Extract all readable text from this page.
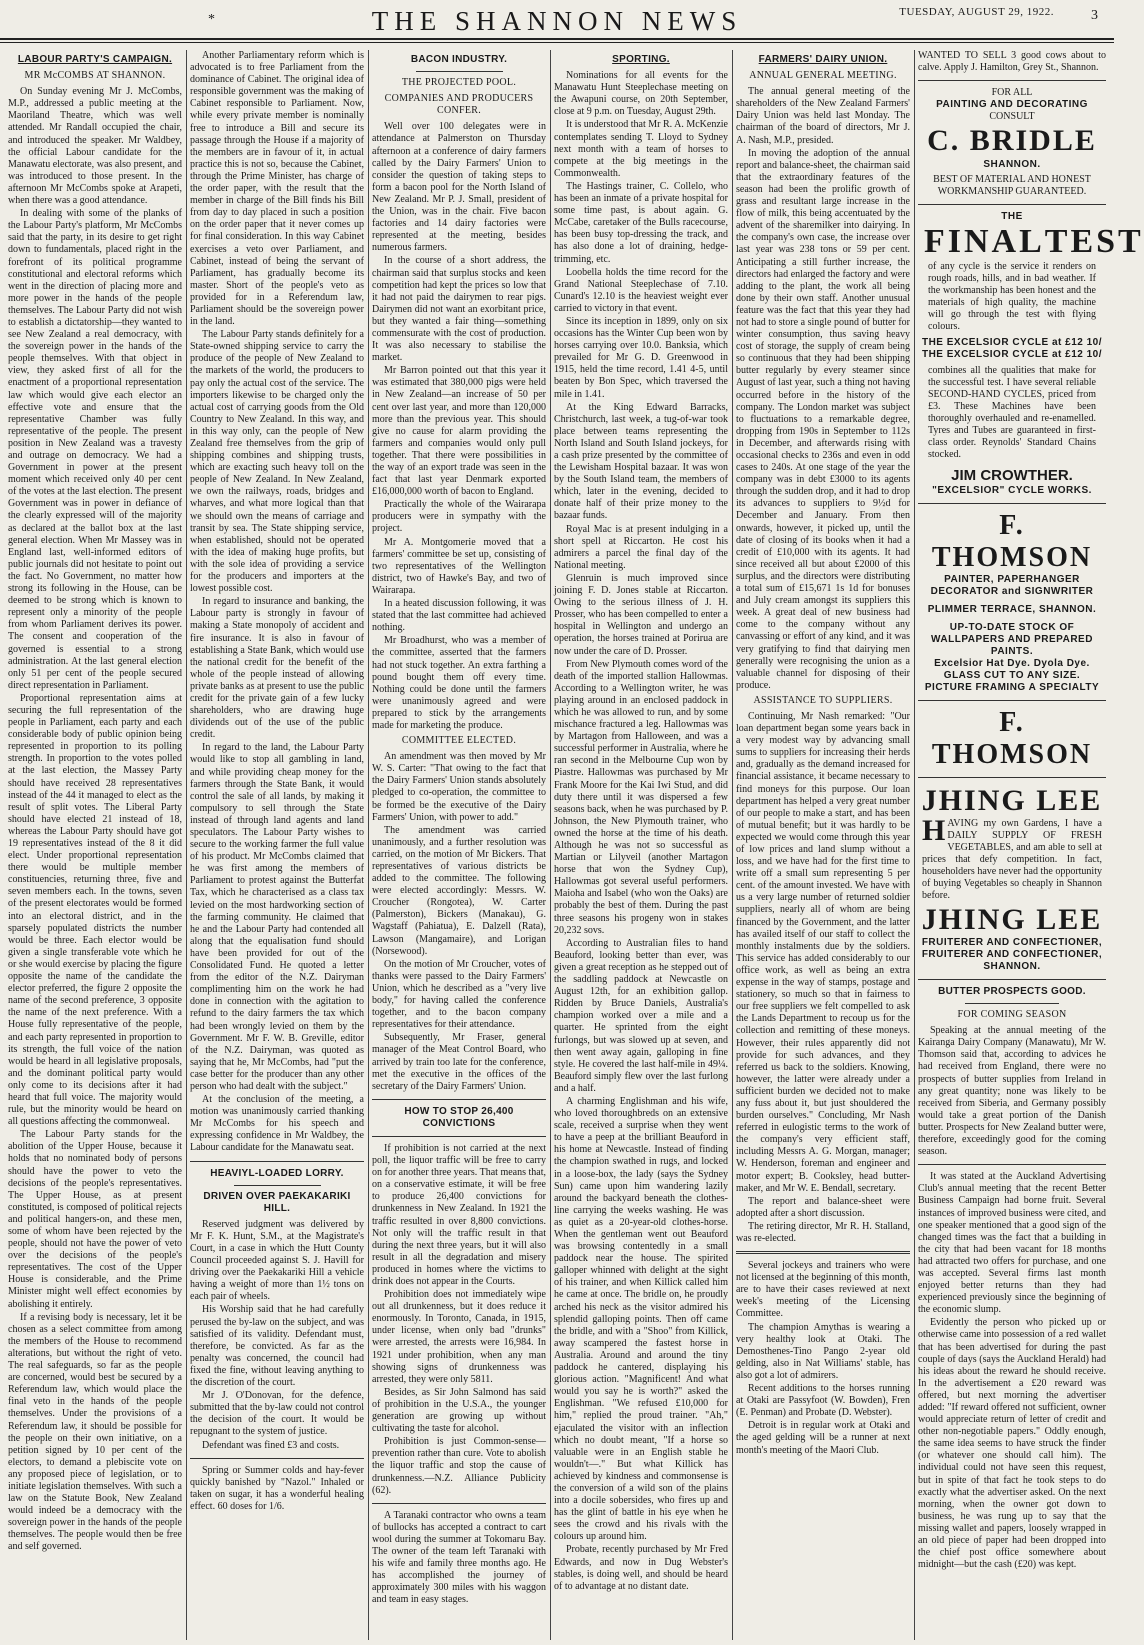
*	THE SHANNON NEWS	TUESDAY, AUGUST 29, 1922.	3
LABOUR PARTY'S CAMPAIGN.
MR McCOMBS AT SHANNON.

On Sunday evening Mr J. McCombs, M.P., addressed a public meeting at the Maoriland Theatre, which was well attended. Mr Randall occupied the chair, and introduced the speaker. Mr Waldbey, the official Labour candidate for the Manawatu electorate, was also present, and was introduced to those present. In the afternoon Mr McCombs spoke at Arapeti, when there was a good attendance.

In dealing with some of the planks of the Labour Party's platform, Mr McCombs said that the party, in its desire to get right down to fundamentals, placed right in the forefront of its political programme constitutional and electoral reforms which went in the direction of placing more and more power in the hands of the people themselves. The Labour Party did not wish to establish a dictatorship—they wanted to see New Zealand a real democracy, with the sovereign power in the hands of the people themselves. With that object in view, they asked first of all for the enactment of a proportional representation law which would give each elector an effective vote and ensure that the representative Chamber was fully representative of the people. The present position in New Zealand was a travesty and outrage on democracy. We had a Government in power at the present moment which received only 40 per cent of the votes at the last election. The present Government was in power in defiance of the clearly expressed will of the majority as declared at the ballot box at the last general election. When Mr Massey was in England last, well-informed editors of public journals did not hesitate to point out the fact. No Government, no matter how strong its following in the House, can be deemed to be strong which is known to represent only a minority of the people from whom Parliament derives its power. The consent and cooperation of the governed is essential to a strong administration. At the last general election only 51 per cent of the people secured direct representation in Parliament.

Proportional representation aims at securing the full representation of the people in Parliament, each party and each considerable body of public opinion being represented in proportion to its polling strength. In proportion to the votes polled at the last election, the Massey Party should have received 28 representatives instead of the 44 it managed to elect as the result of split votes. The Liberal Party should have elected 21 instead of 18, whereas the Labour Party should have got 19 representatives instead of the 8 it did elect. Under proportional representation there would be multiple member constituencies, returning three, five and seven members each. In the towns, seven of the present electorates would be formed into an electoral district, and in the sparsely populated districts the number would be three. Each elector would be given a single transferable vote which he or she would exercise by placing the figure opposite the name of the candidate the elector preferred, the figure 2 opposite the name of the second preference, 3 opposite the name of the next preference. With a House fully representative of the people, and each party represented in proportion to its strength, the full voice of the nation would be heard in all legislative proposals, and the dominant political party would only come to its decisions after it had heard that full voice. The majority would rule, but the minority would be heard on all questions affecting the commonweal.

The Labour Party stands for the abolition of the Upper House, because it holds that no nominated body of persons should have the power to veto the decisions of the people's representatives. The Upper House, as at present constituted, is composed of political rejects and political hangers-on, and these men, some of whom have been rejected by the people, should not have the power of veto over the decisions of the people's representatives. The cost of the Upper House is considerable, and the Prime Minister might well effect economies by abolishing it entirely.

If a revising body is necessary, let it be chosen as a select committee from among the members of the House to recommend alterations, but without the right of veto. The real safeguards, so far as the people are concerned, would best be secured by a Referendum law, which would place the final veto in the hands of the people themselves. Under the provisions of a Referendum law, it should be possible for the people on their own initiative, on a petition signed by 10 per cent of the electors, to demand a plebiscite vote on any proposed piece of legislation, or to initiate legislation themselves. With such a law on the Statute Book, New Zealand would indeed be a democracy with the sovereign power in the hands of the people themselves. The people would then be free and self governed.

Another Parliamentary reform which is advocated is to free Parliament from the dominance of Cabinet. The original idea of responsible government was the making of Cabinet responsible to Parliament. Now, while every private member is nominally free to introduce a Bill and secure its passage through the House if a majority of the members are in favour of it, in actual practice this is not so, because the Cabinet, through the Prime Minister, has charge of the order paper, with the result that the member in charge of the Bill finds his Bill from day to day placed in such a position on the order paper that it never comes up for final consideration. In this way Cabinet exercises a veto over Parliament, and Cabinet, instead of being the servant of Parliament, has gradually become its master. Short of the people's veto as provided for in a Referendum law, Parliament should be the sovereign power in the land.

The Labour Party stands definitely for a State-owned shipping service to carry the produce of the people of New Zealand to the markets of the world, the producers to pay only the actual cost of the service. The importers likewise to be charged only the actual cost of carrying goods from the Old Country to New Zealand. In this way, and in this way only, can the people of New Zealand free themselves from the grip of shipping combines and shipping trusts, which are exacting such heavy toll on the people of New Zealand. In New Zealand, we own the railways, roads, bridges and wharves, and what more logical than that we should own the means of carriage and transit by sea. The State shipping service, when established, should not be operated with the idea of making huge profits, but with the sole idea of providing a service for the producers and importers at the lowest possible cost.

In regard to insurance and banking, the Labour party is strongly in favour of making a State monopoly of accident and fire insurance. It is also in favour of establishing a State Bank, which would use the national credit for the benefit of the whole of the people instead of allowing private banks as at present to use the public credit for the private gain of a few lucky shareholders, who are drawing huge dividends out of the use of the public credit.

In regard to the land, the Labour Party would like to stop all gambling in land, and while providing cheap money for the farmers through the State Bank, it would control the sale of all lands, by making it compulsory to sell through the State instead of through land agents and land speculators. The Labour Party wishes to secure to the working farmer the full value of his product. Mr McCombs claimed that he was first among the members of Parliament to protest against the Butterfat Tax, which he characterised as a class tax levied on the most hardworking section of the farming community. He claimed that he and the Labour Party had contended all along that the equalisation fund should have been provided for out of the Consolidated Fund. He quoted a letter from the editor of the N.Z. Dairyman complimenting him on the work he had done in connection with the agitation to refund to the dairy farmers the tax which had been wrongly levied on them by the Government. Mr F. W. B. Greville, editor of the N.Z. Dairyman, was quoted as saying that he, Mr McCombs, had "put the case better for the producer than any other person who had dealt with the subject."

At the conclusion of the meeting, a motion was unanimously carried thanking Mr McCombs for his speech and expressing confidence in Mr Waldbey, the Labour candidate for the Manawatu seat.

HEAVIYL-LOADED LORRY.
DRIVEN OVER PAEKAKARIKI HILL.

Reserved judgment was delivered by Mr F. K. Hunt, S.M., at the Magistrate's Court, in a case in which the Hutt County Council proceeded against S. J. Havill for driving over the Paekakariki Hill a vehicle having a weight of more than 1½ tons on each pair of wheels.

His Worship said that he had carefully perused the by-law on the subject, and was satisfied of its validity. Defendant must, therefore, be convicted. As far as the penalty was concerned, the council had fixed the fine, without leaving anything to the discretion of the court.

Mr J. O'Donovan, for the defence, submitted that the by-law could not control the decision of the court. It would be repugnant to the system of justice.

Defendant was fined £3 and costs.

Spring or Summer colds and hay-fever quickly banished by "Nazol." Inhaled or taken on sugar, it has a wonderful healing effect. 60 doses for 1/6.

BACON INDUSTRY.
THE PROJECTED POOL.
COMPANIES AND PRODUCERS CONFER.

Well over 100 delegates were in attendance at Palmerston on Thursday afternoon at a conference of dairy farmers called by the Dairy Farmers' Union to consider the question of taking steps to form a bacon pool for the North Island of New Zealand. Mr P. J. Small, president of the Union, was in the chair. Five bacon factories and 14 dairy factories were represented at the meeting, besides numerous farmers.

In the course of a short address, the chairman said that surplus stocks and keen competition had kept the prices so low that it had not paid the dairymen to rear pigs. Dairymen did not want an exorbitant price, but they wanted a fair thing—something commensurate with the cost of production. It was also necessary to stabilise the market.

Mr Barron pointed out that this year it was estimated that 380,000 pigs were held in New Zealand—an increase of 50 per cent over last year, and more than 120,000 more than the previous year. This should give no cause for alarm providing the farmers and companies would only pull together. That there were possibilities in the way of an export trade was seen in the fact that last year Denmark exported £16,000,000 worth of bacon to England.

Practically the whole of the Wairarapa producers were in sympathy with the project.

Mr A. Montgomerie moved that a farmers' committee be set up, consisting of two representatives of the Wellington district, two of Hawke's Bay, and two of Wairarapa.

In a heated discussion following, it was stated that the last committee had achieved nothing.

Mr Broadhurst, who was a member of the committee, asserted that the farmers had not stuck together. An extra farthing a pound bought them off every time. Nothing could be done until the farmers were unanimously agreed and were prepared to stick by the arrangements made for marketing the produce.

COMMITTEE ELECTED.

An amendment was then moved by Mr W. S. Carter: "That owing to the fact that the Dairy Farmers' Union stands absolutely pledged to co-operation, the committee to be formed be the executive of the Dairy Farmers' Union, with power to add."

The amendment was carried unanimously, and a further resolution was carried, on the motion of Mr Bickers. That representatives of various districts be added to the committee. The following were elected accordingly: Messrs. W. Croucher (Rongotea), W. Carter (Palmerston), Bickers (Manakau), G. Wagstaff (Pahiatua), E. Dalzell (Rata), Lawson (Mangamaire), and Lorigan (Norsewood).

On the motion of Mr Croucher, votes of thanks were passed to the Dairy Farmers' Union, which he described as a "very live body," for having called the conference together, and to the bacon company representatives for their attendance.

Subsequently, Mr Fraser, general manager of the Meat Control Board, who arrived by train too late for the conference, met the executive in the offices of the secretary of the Dairy Farmers' Union.

HOW TO STOP 26,400 CONVICTIONS

If prohibition is not carried at the next poll, the liquor traffic will be free to carry on for another three years. That means that, on a conservative estimate, it will be free to produce 26,400 convictions for drunkenness in New Zealand. In 1921 the traffic resulted in over 8,800 convictions. Not only will the traffic result in that during the next three years, but it will also result in all the degradation and misery produced in homes where the victims to drink does not appear in the Courts.

Prohibition does not immediately wipe out all drunkenness, but it does reduce it enormously. In Toronto, Canada, in 1915, under license, when only bad "drunks" were arrested, the arrests were 16,984. In 1921 under prohibition, when any man showing signs of drunkenness was arrested, they were only 5811.

Besides, as Sir John Salmond has said of prohibition in the U.S.A., the younger generation are growing up without cultivating the taste for alcohol.

Prohibition is just Common-sense—prevention rather than cure. Vote to abolish the liquor traffic and stop the cause of drunkenness.—N.Z. Alliance Publicity (62).

A Taranaki contractor who owns a team of bullocks has accepted a contract to cart wool during the summer at Tokomaru Bay. The owner of the team left Taranaki with his wife and family three months ago. He has accomplished the journey of approximately 300 miles with his waggon and team in easy stages.

SPORTING.

Nominations for all events for the Manawatu Hunt Steeplechase meeting on the Awapuni course, on 20th September, close at 9 p.m. on Tuesday, August 29th.

It is understood that Mr R. A. McKenzie contemplates sending T. Lloyd to Sydney next month with a team of horses to compete at the big meetings in the Commonwealth.

The Hastings trainer, C. Collelo, who has been an inmate of a private hospital for some time past, is about again. G. McCabe, caretaker of the Bulls racecourse, has been busy top-dressing the track, and has also done a lot of draining, hedge-trimming, etc.

Loobella holds the time record for the Grand National Steeplechase of 7.10. Cunard's 12.10 is the heaviest weight ever carried to victory in that event.

Since its inception in 1899, only on six occasions has the Winter Cup been won by horses carrying over 10.0. Banksia, which prevailed for Mr G. D. Greenwood in 1915, held the time record, 1.41 4-5, until beaten by Bon Spec, which traversed the mile in 1.41.

At the King Edward Barracks, Christchurch, last week, a tug-of-war took place between teams representing the North Island and South Island jockeys, for a cash prize presented by the committee of the Lewisham Hospital bazaar. It was won by the South Island team, the members of which, later in the evening, decided to donate half of their prize money to the bazaar funds.

Royal Mac is at present indulging in a short spell at Riccarton. He cost his admirers a parcel the final day of the National meeting.

Glenruin is much improved since joining F. D. Jones stable at Riccarton. Owing to the serious illness of J. H. Prosser, who has been compelled to enter a hospital in Wellington and undergo an operation, the horses trained at Porirua are now under the care of D. Prosser.

From New Plymouth comes word of the death of the imported stallion Hallowmas. According to a Wellington writer, he was playing around in an enclosed paddock in which he was allowed to run, and by some mischance fractured a leg. Hallowmas was by Martagon from Halloween, and was a successful performer in Australia, where he ran second in the Melbourne Cup won by Piastre. Hallowmas was purchased by Mr Frank Moore for the Kai Iwi Stud, and did duty there until it was dispersed a few seasons back, when he was purchased by P. Johnson, the New Plymouth trainer, who owned the horse at the time of his death. Although he was not so successful as Martian or Lilyveil (another Martagon horse that won the Sydney Cup), Hallowmas got several useful performers. Maioha and Isabel (who won the Oaks) are probably the best of them. During the past three seasons his progeny won in stakes 20,232 sovs.

According to Australian files to hand Beauford, looking better than ever, was given a great reception as he stepped out of the saddling paddock at Newcastle on August 12th, for an exhibition gallop. Ridden by Bruce Daniels, Australia's champion worked over a mile and a quarter. He sprinted from the eight furlongs, but was slowed up at seven, and then went away again, galloping in fine style. He covered the last half-mile in 49¼. Beauford simply flew over the last furlong and a half.

A charming Englishman and his wife, who loved thoroughbreds on an extensive scale, received a surprise when they went to have a peep at the brilliant Beauford in his home at Newcastle. Instead of finding the champion swathed in rugs, and locked in a loose-box, the lady (says the Sydney Sun) came upon him wandering lazily around the backyard beneath the clothes-line carrying the weeks washing. He was as quiet as a 20-year-old clothes-horse. When the gentleman went out Beauford was browsing contentedly in a small paddock near the house. The spirited galloper whinned with delight at the sight of his trainer, and when Killick called him he came at once. The bridle on, he proudly arched his neck as the visitor admired his splendid galloping points. Then off came the bridle, and with a "Shoo" from Killick, away scampered the fastest horse in Australia. Around and around the tiny paddock he cantered, displaying his glorious action. "Magnificent! And what would you say he is worth?" asked the Englishman. "We refused £10,000 for him," replied the proud trainer. "Ah," ejaculated the visitor with an inflection which no doubt meant, "If a horse so valuable were in an English stable he wouldn't—." But what Killick has achieved by kindness and commonsense is the conversion of a wild son of the plains into a docile sobersides, who fires up and has the glint of battle in his eye when he sees the crowd and his rivals with the colours up around him.

Probate, recently purchased by Mr Fred Edwards, and now in Dug Webster's stables, is doing well, and should be heard of to advantage at no distant date.

FARMERS' DAIRY UNION.
ANNUAL GENERAL MEETING.

The annual general meeting of the shareholders of the New Zealand Farmers' Dairy Union was held last Monday. The chairman of the board of directors, Mr J. A. Nash, M.P., presided.

In moving the adoption of the annual report and balance-sheet, the chairman said that the extraordinary features of the season had been the prolific growth of grass and resultant large increase in the flow of milk, this being accentuated by the advent of the sharemilker into dairying. In the company's own case, the increase over last year was 238 tons or 59 per cent. Anticipating a still further increase, the directors had enlarged the factory and were adding to the plant, the work all being done by their own staff. Another unusual feature was the fact that this year they had not had to store a single pound of butter for winter consumption, thus saving heavy cost of storage, the supply of cream being so continuous that they had been shipping butter regularly by every steamer since August of last year, such a thing not having occurred before in the history of the company. The London market was subject to fluctuations to a remarkable degree, dropping from 190s in September to 112s in December, and afterwards rising with occasional checks to 236s and even in odd cases to 240s. At one stage of the year the company was in debt £3000 to its agents through the sudden drop, and it had to drop its advances to suppliers to 9½d for December and January. From then onwards, however, it picked up, until the date of closing of its books when it had a credit of £10,000 with its agents. It had since received all but about £2000 of this surplus, and the directors were distributing a total sum of £15,671 1s 1d for bonuses and July cream amongst its suppliers this week. A great deal of new business had come to the company without any canvassing or effort of any kind, and it was very gratifying to find that dairying men generally were recognising the union as a valuable channel for disposing of their produce.

ASSISTANCE TO SUPPLIERS.

Continuing, Mr Nash remarked: "Our loan department began some years back in a very modest way by advancing small sums to suppliers for increasing their herds and, gradually as the demand increased for financial assistance, it became necessary to find moneys for this purpose. Our loan department has helped a very great number of our people to make a start, and has been of mutual benefit; but it was hardly to be expected we would come through this year of low prices and land slump without a loss, and we have had for the first time to write off a small sum representing 5 per cent. of the amount invested. We have with us a very large number of returned soldier suppliers, nearly all of whom are being financed by the Government, and the latter has availed itself of our staff to collect the monthly instalments due by the soldiers. This service has added considerably to our office work, as well as being an extra expense in the way of stamps, postage and stationery, so much so that in fairness to our free suppliers we felt compelled to ask the Lands Department to recoup us for the collection and remitting of these moneys. However, their rules apparently did not provide for such advances, and they referred us back to the soldiers. Knowing, however, the latter were already under a sufficient burden we decided not to make any fuss about it, but just shouldered the burden ourselves." Concluding, Mr Nash referred in eulogistic terms to the work of the company's very efficient staff, including Messrs A. G. Morgan, manager; W. Henderson, foreman and engineer and motor expert; B. Cooksley, head butter-maker, and Mr W. E. Bendall, secretary.

The report and balance-sheet were adopted after a short discussion.

The retiring director, Mr R. H. Stalland, was re-elected.

Several jockeys and trainers who were not licensed at the beginning of this month, are to have their cases reviewed at next week's meeting of the Licensing Committee.

The champion Amythas is wearing a very healthy look at Otaki. The Demosthenes-Tino Pango 2-year old gelding, also in Nat Williams' stable, has also got a lot of admirers.

Recent additions to the horses running at Otaki are Passyfoot (W. Bowden), Fren (E. Penman) and Probate (D. Webster).

Detroit is in regular work at Otaki and the aged gelding will be a runner at next month's meeting of the Maori Club.

WANTED TO SELL 3 good cows about to calve. Apply J. Hamilton, Grey St., Shannon.

FOR ALL
PAINTING AND DECORATING
CONSULT
C. BRIDLE
SHANNON.
BEST OF MATERIAL AND HONEST WORKMANSHIP GUARANTEED.
THE
FINAL TEST

of any cycle is the service it renders on rough roads, hills, and in bad weather. If the workmanship has been honest and the materials of high quality, the machine will go through the test with flying colours.

THE EXCELSIOR CYCLE at £12 10/
THE EXCELSIOR CYCLE at £12 10/

combines all the qualities that make for the successful test. I have several reliable SECOND-HAND CYCLES, priced from £3. These Machines have been thoroughly overhauled and re-enamelled. Tyres and Tubes are guaranteed in first-class order. Reynolds' Standard Chains stocked.

JIM CROWTHER.
"EXCELSIOR" CYCLE WORKS.
F. THOMSON
PAINTER, PAPERHANGER DECORATOR and SIGNWRITER
PLIMMER TERRACE, SHANNON.
UP-TO-DATE STOCK OF WALLPAPERS AND PREPARED PAINTS.
Excelsior Hat Dye. Dyola Dye.
GLASS CUT TO ANY SIZE.
PICTURE FRAMING A SPECIALTY
F. THOMSON
JHING LEE

HAVING my own Gardens, I have a DAILY SUPPLY OF FRESH VEGETABLES, and am able to sell at prices that defy competition. In fact, householders have never had the opportunity of buying Vegetables so cheaply in Shannon before.

JHING LEE
FRUITERER AND CONFECTIONER,
FRUITERER AND CONFECTIONER,
SHANNON.
BUTTER PROSPECTS GOOD.
FOR COMING SEASON

Speaking at the annual meeting of the Kairanga Dairy Company (Manawatu), Mr W. Thomson said that, according to advices he had received from England, there were no prospects of butter supplies from Ireland in any great quantity; none was likely to be received from Siberia, and Germany possibly would take a great portion of the Danish butter. Prospects for New Zealand butter were, therefore, exceedingly good for the coming season.

It was stated at the Auckland Advertising Club's annual meeting that the recent Better Business Campaign had borne fruit. Several instances of improved business were cited, and one speaker mentioned that a good sign of the changed times was the fact that a building in the city that had been vacant for 18 months had attracted two offers for purchase, and one was accepted. Several firms last month enjoyed better returns than they had experienced previously since the beginning of the economic slump.

Evidently the person who picked up or otherwise came into possession of a red wallet that has been advertised for during the past couple of days (says the Auckland Herald) had his ideas about the reward he should receive. In the advertisement a £20 reward was offered, but next morning the advertiser added: "If reward offered not sufficient, owner would appreciate return of letter of credit and other non-negotiable papers." Oddly enough, the same idea seems to have struck the finder (or whatever one should call him). The individual could not have seen this request, but in spite of that fact he took steps to do exactly what the advertiser asked. On the next morning, when the owner got down to business, he was rung up to say that the missing wallet and papers, loosely wrapped in an old piece of paper had been dropped into the chief post office somewhere about midnight—but the cash (£20) was kept.
